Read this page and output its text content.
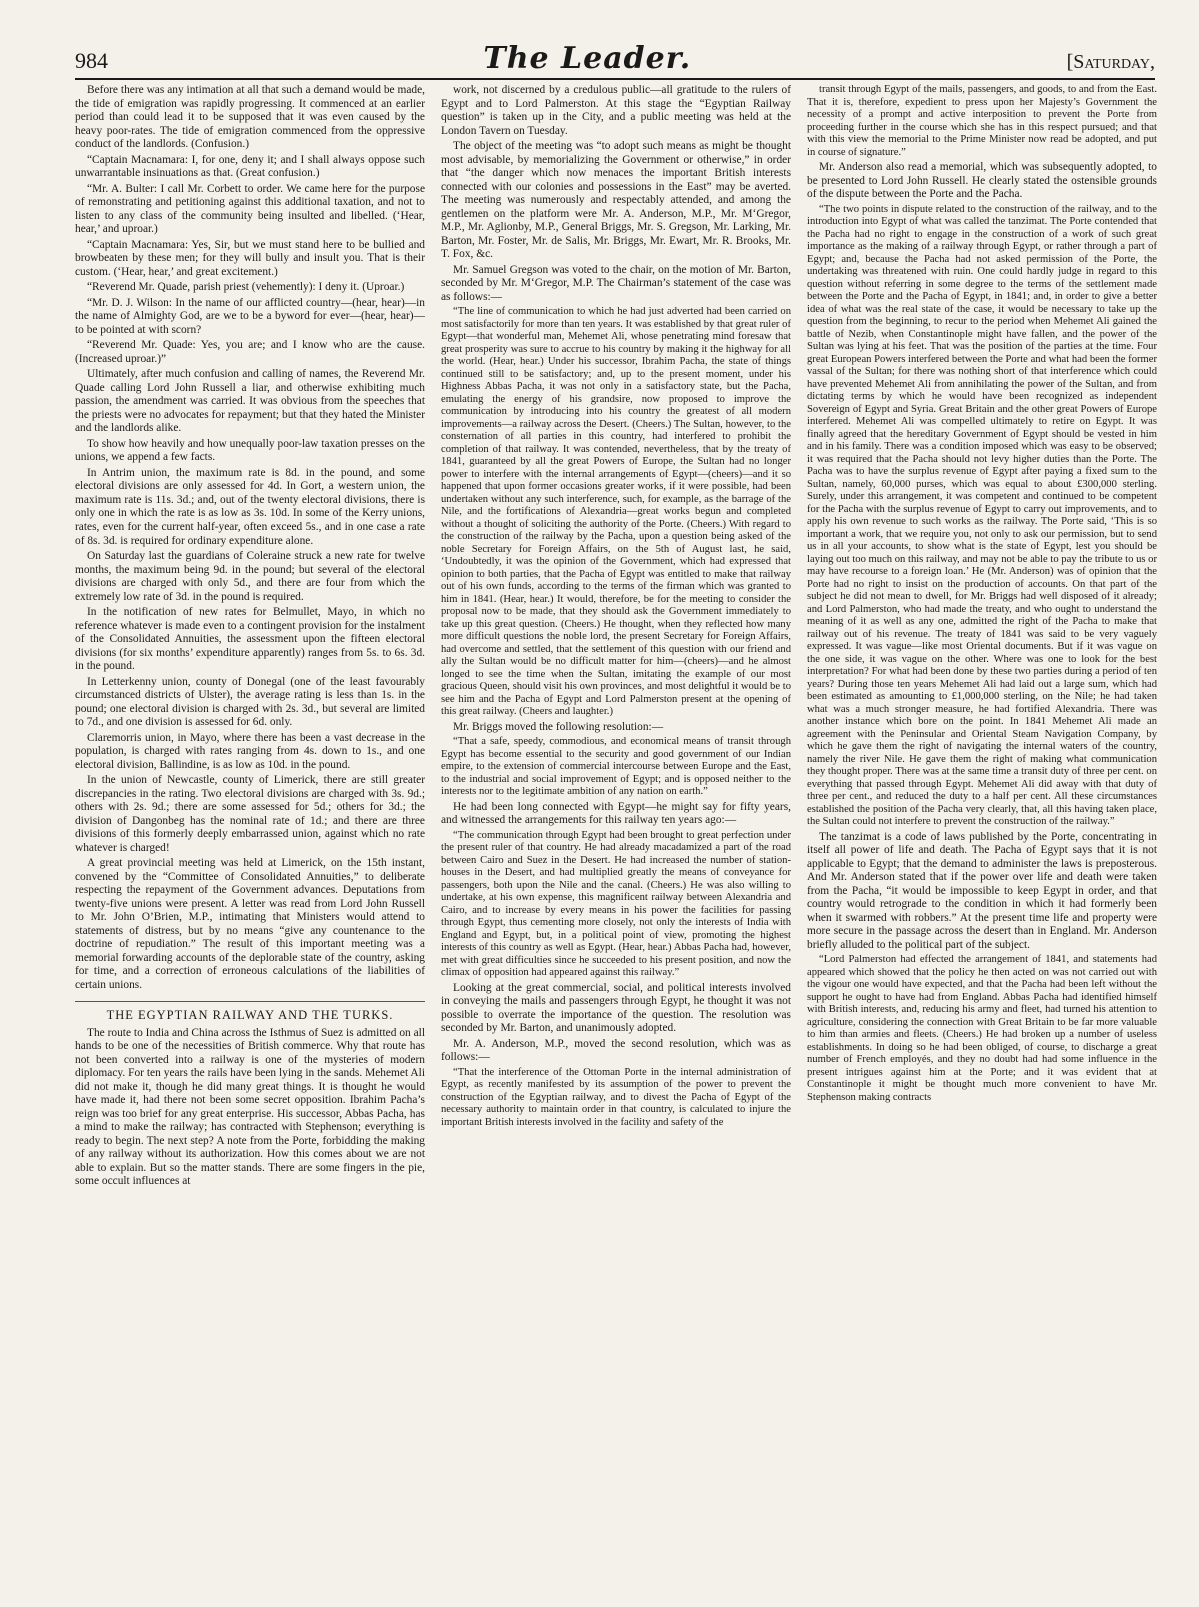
984	The Leader.	[Saturday,

Before there was any intimation at all that such a demand would be made, the tide of emigration was rapidly progressing. It commenced at an earlier period than could lead it to be supposed that it was even caused by the heavy poor-rates. The tide of emigration commenced from the oppressive conduct of the landlords. (Confusion.)

“Captain Macnamara: I, for one, deny it; and I shall always oppose such unwarrantable insinuations as that. (Great confusion.)

“Mr. A. Bulter: I call Mr. Corbett to order. We came here for the purpose of remonstrating and petitioning against this additional taxation, and not to listen to any class of the community being insulted and libelled. (‘Hear, hear,’ and uproar.)

“Captain Macnamara: Yes, Sir, but we must stand here to be bullied and browbeaten by these men; for they will bully and insult you. That is their custom. (‘Hear, hear,’ and great excitement.)

“Reverend Mr. Quade, parish priest (vehemently): I deny it. (Uproar.)

“Mr. D. J. Wilson: In the name of our afflicted country—(hear, hear)—in the name of Almighty God, are we to be a byword for ever—(hear, hear)—to be pointed at with scorn?

“Reverend Mr. Quade: Yes, you are; and I know who are the cause. (Increased uproar.)”

Ultimately, after much confusion and calling of names, the Reverend Mr. Quade calling Lord John Russell a liar, and otherwise exhibiting much passion, the amendment was carried. It was obvious from the speeches that the priests were no advocates for repayment; but that they hated the Minister and the landlords alike.

To show how heavily and how unequally poor-law taxation presses on the unions, we append a few facts.

In Antrim union, the maximum rate is 8d. in the pound, and some electoral divisions are only assessed for 4d. In Gort, a western union, the maximum rate is 11s. 3d.; and, out of the twenty electoral divisions, there is only one in which the rate is as low as 3s. 10d. In some of the Kerry unions, rates, even for the current half-year, often exceed 5s., and in one case a rate of 8s. 3d. is required for ordinary expenditure alone.

On Saturday last the guardians of Coleraine struck a new rate for twelve months, the maximum being 9d. in the pound; but several of the electoral divisions are charged with only 5d., and there are four from which the extremely low rate of 3d. in the pound is required.

In the notification of new rates for Belmullet, Mayo, in which no reference whatever is made even to a contingent provision for the instalment of the Consolidated Annuities, the assessment upon the fifteen electoral divisions (for six months’ expenditure apparently) ranges from 5s. to 6s. 3d. in the pound.

In Letterkenny union, county of Donegal (one of the least favourably circumstanced districts of Ulster), the average rating is less than 1s. in the pound; one electoral division is charged with 2s. 3d., but several are limited to 7d., and one division is assessed for 6d. only.

Claremorris union, in Mayo, where there has been a vast decrease in the population, is charged with rates ranging from 4s. down to 1s., and one electoral division, Ballindine, is as low as 10d. in the pound.

In the union of Newcastle, county of Limerick, there are still greater discrepancies in the rating. Two electoral divisions are charged with 3s. 9d.; others with 2s. 9d.; there are some assessed for 5d.; others for 3d.; the division of Dangonbeg has the nominal rate of 1d.; and there are three divisions of this formerly deeply embarrassed union, against which no rate whatever is charged!

A great provincial meeting was held at Limerick, on the 15th instant, convened by the “Committee of Consolidated Annuities,” to deliberate respecting the repayment of the Government advances. Deputations from twenty-five unions were present. A letter was read from Lord John Russell to Mr. John O’Brien, M.P., intimating that Ministers would attend to statements of distress, but by no means “give any countenance to the doctrine of repudiation.” The result of this important meeting was a memorial forwarding accounts of the deplorable state of the country, asking for time, and a correction of erroneous calculations of the liabilities of certain unions.

THE EGYPTIAN RAILWAY AND THE TURKS.

The route to India and China across the Isthmus of Suez is admitted on all hands to be one of the necessities of British commerce. Why that route has not been converted into a railway is one of the mysteries of modern diplomacy. For ten years the rails have been lying in the sands. Mehemet Ali did not make it, though he did many great things. It is thought he would have made it, had there not been some secret opposition. Ibrahim Pacha’s reign was too brief for any great enterprise. His successor, Abbas Pacha, has a mind to make the railway; has contracted with Stephenson; everything is ready to begin. The next step? A note from the Porte, forbidding the making of any railway without its authorization. How this comes about we are not able to explain. But so the matter stands. There are some fingers in the pie, some occult influences at

work, not discerned by a credulous public—all gratitude to the rulers of Egypt and to Lord Palmerston. At this stage the “Egyptian Railway question” is taken up in the City, and a public meeting was held at the London Tavern on Tuesday.

The object of the meeting was “to adopt such means as might be thought most advisable, by memorializing the Government or otherwise,” in order that “the danger which now menaces the important British interests connected with our colonies and possessions in the East” may be averted. The meeting was numerously and respectably attended, and among the gentlemen on the platform were Mr. A. Anderson, M.P., Mr. M‘Gregor, M.P., Mr. Aglionby, M.P., General Briggs, Mr. S. Gregson, Mr. Larking, Mr. Barton, Mr. Foster, Mr. de Salis, Mr. Briggs, Mr. Ewart, Mr. R. Brooks, Mr. T. Fox, &c.

Mr. Samuel Gregson was voted to the chair, on the motion of Mr. Barton, seconded by Mr. M‘Gregor, M.P. The Chairman’s statement of the case was as follows:—

“The line of communication to which he had just adverted had been carried on most satisfactorily for more than ten years. It was established by that great ruler of Egypt—that wonderful man, Mehemet Ali, whose penetrating mind foresaw that great prosperity was sure to accrue to his country by making it the highway for all the world. (Hear, hear.) Under his successor, Ibrahim Pacha, the state of things continued still to be satisfactory; and, up to the present moment, under his Highness Abbas Pacha, it was not only in a satisfactory state, but the Pacha, emulating the energy of his grandsire, now proposed to improve the communication by introducing into his country the greatest of all modern improvements—a railway across the Desert. (Cheers.) The Sultan, however, to the consternation of all parties in this country, had interfered to prohibit the completion of that railway. It was contended, nevertheless, that by the treaty of 1841, guaranteed by all the great Powers of Europe, the Sultan had no longer power to interfere with the internal arrangements of Egypt—(cheers)—and it so happened that upon former occasions greater works, if it were possible, had been undertaken without any such interference, such, for example, as the barrage of the Nile, and the fortifications of Alexandria—great works begun and completed without a thought of soliciting the authority of the Porte. (Cheers.) With regard to the construction of the railway by the Pacha, upon a question being asked of the noble Secretary for Foreign Affairs, on the 5th of August last, he said, ‘Undoubtedly, it was the opinion of the Government, which had expressed that opinion to both parties, that the Pacha of Egypt was entitled to make that railway out of his own funds, according to the terms of the firman which was granted to him in 1841. (Hear, hear.) It would, therefore, be for the meeting to consider the proposal now to be made, that they should ask the Government immediately to take up this great question. (Cheers.) He thought, when they reflected how many more difficult questions the noble lord, the present Secretary for Foreign Affairs, had overcome and settled, that the settlement of this question with our friend and ally the Sultan would be no difficult matter for him—(cheers)—and he almost longed to see the time when the Sultan, imitating the example of our most gracious Queen, should visit his own provinces, and most delightful it would be to see him and the Pacha of Egypt and Lord Palmerston present at the opening of this great railway. (Cheers and laughter.)

Mr. Briggs moved the following resolution:—

“That a safe, speedy, commodious, and economical means of transit through Egypt has become essential to the security and good government of our Indian empire, to the extension of commercial intercourse between Europe and the East, to the industrial and social improvement of Egypt; and is opposed neither to the interests nor to the legitimate ambition of any nation on earth.”

He had been long connected with Egypt—he might say for fifty years, and witnessed the arrangements for this railway ten years ago:—

“The communication through Egypt had been brought to great perfection under the present ruler of that country. He had already macadamized a part of the road between Cairo and Suez in the Desert. He had increased the number of station-houses in the Desert, and had multiplied greatly the means of conveyance for passengers, both upon the Nile and the canal. (Cheers.) He was also willing to undertake, at his own expense, this magnificent railway between Alexandria and Cairo, and to increase by every means in his power the facilities for passing through Egypt, thus cementing more closely, not only the interests of India with England and Egypt, but, in a political point of view, promoting the highest interests of this country as well as Egypt. (Hear, hear.) Abbas Pacha had, however, met with great difficulties since he succeeded to his present position, and now the climax of opposition had appeared against this railway.”

Looking at the great commercial, social, and political interests involved in conveying the mails and passengers through Egypt, he thought it was not possible to overrate the importance of the question. The resolution was seconded by Mr. Barton, and unanimously adopted.

Mr. A. Anderson, M.P., moved the second resolution, which was as follows:—

“That the interference of the Ottoman Porte in the internal administration of Egypt, as recently manifested by its assumption of the power to prevent the construction of the Egyptian railway, and to divest the Pacha of Egypt of the necessary authority to maintain order in that country, is calculated to injure the important British interests involved in the facility and safety of the

transit through Egypt of the mails, passengers, and goods, to and from the East. That it is, therefore, expedient to press upon her Majesty’s Government the necessity of a prompt and active interposition to prevent the Porte from proceeding further in the course which she has in this respect pursued; and that with this view the memorial to the Prime Minister now read be adopted, and put in course of signature.”

Mr. Anderson also read a memorial, which was subsequently adopted, to be presented to Lord John Russell. He clearly stated the ostensible grounds of the dispute between the Porte and the Pacha.

“The two points in dispute related to the construction of the railway, and to the introduction into Egypt of what was called the tanzimat. The Porte contended that the Pacha had no right to engage in the construction of a work of such great importance as the making of a railway through Egypt, or rather through a part of Egypt; and, because the Pacha had not asked permission of the Porte, the undertaking was threatened with ruin. One could hardly judge in regard to this question without referring in some degree to the terms of the settlement made between the Porte and the Pacha of Egypt, in 1841; and, in order to give a better idea of what was the real state of the case, it would be necessary to take up the question from the beginning, to recur to the period when Mehemet Ali gained the battle of Nezib, when Constantinople might have fallen, and the power of the Sultan was lying at his feet. That was the position of the parties at the time. Four great European Powers interfered between the Porte and what had been the former vassal of the Sultan; for there was nothing short of that interference which could have prevented Mehemet Ali from annihilating the power of the Sultan, and from dictating terms by which he would have been recognized as independent Sovereign of Egypt and Syria. Great Britain and the other great Powers of Europe interfered. Mehemet Ali was compelled ultimately to retire on Egypt. It was finally agreed that the hereditary Government of Egypt should be vested in him and in his family. There was a condition imposed which was easy to be observed; it was required that the Pacha should not levy higher duties than the Porte. The Pacha was to have the surplus revenue of Egypt after paying a fixed sum to the Sultan, namely, 60,000 purses, which was equal to about £300,000 sterling. Surely, under this arrangement, it was competent and continued to be competent for the Pacha with the surplus revenue of Egypt to carry out improvements, and to apply his own revenue to such works as the railway. The Porte said, ‘This is so important a work, that we require you, not only to ask our permission, but to send us in all your accounts, to show what is the state of Egypt, lest you should be laying out too much on this railway, and may not be able to pay the tribute to us or may have recourse to a foreign loan.’ He (Mr. Anderson) was of opinion that the Porte had no right to insist on the production of accounts. On that part of the subject he did not mean to dwell, for Mr. Briggs had well disposed of it already; and Lord Palmerston, who had made the treaty, and who ought to understand the meaning of it as well as any one, admitted the right of the Pacha to make that railway out of his revenue. The treaty of 1841 was said to be very vaguely expressed. It was vague—like most Oriental documents. But if it was vague on the one side, it was vague on the other. Where was one to look for the best interpretation? For what had been done by these two parties during a period of ten years? During those ten years Mehemet Ali had laid out a large sum, which had been estimated as amounting to £1,000,000 sterling, on the Nile; he had taken what was a much stronger measure, he had fortified Alexandria. There was another instance which bore on the point. In 1841 Mehemet Ali made an agreement with the Peninsular and Oriental Steam Navigation Company, by which he gave them the right of navigating the internal waters of the country, namely the river Nile. He gave them the right of making what communication they thought proper. There was at the same time a transit duty of three per cent. on everything that passed through Egypt. Mehemet Ali did away with that duty of three per cent., and reduced the duty to a half per cent. All these circumstances established the position of the Pacha very clearly, that, all this having taken place, the Sultan could not interfere to prevent the construction of the railway.”

The tanzimat is a code of laws published by the Porte, concentrating in itself all power of life and death. The Pacha of Egypt says that it is not applicable to Egypt; that the demand to administer the laws is preposterous. And Mr. Anderson stated that if the power over life and death were taken from the Pacha, “it would be impossible to keep Egypt in order, and that country would retrograde to the condition in which it had formerly been when it swarmed with robbers.” At the present time life and property were more secure in the passage across the desert than in England. Mr. Anderson briefly alluded to the political part of the subject.

“Lord Palmerston had effected the arrangement of 1841, and statements had appeared which showed that the policy he then acted on was not carried out with the vigour one would have expected, and that the Pacha had been left without the support he ought to have had from England. Abbas Pacha had identified himself with British interests, and, reducing his army and fleet, had turned his attention to agriculture, considering the connection with Great Britain to be far more valuable to him than armies and fleets. (Cheers.) He had broken up a number of useless establishments. In doing so he had been obliged, of course, to discharge a great number of French employés, and they no doubt had had some influence in the present intrigues against him at the Porte; and it was evident that at Constantinople it might be thought much more convenient to have Mr. Stephenson making contracts
